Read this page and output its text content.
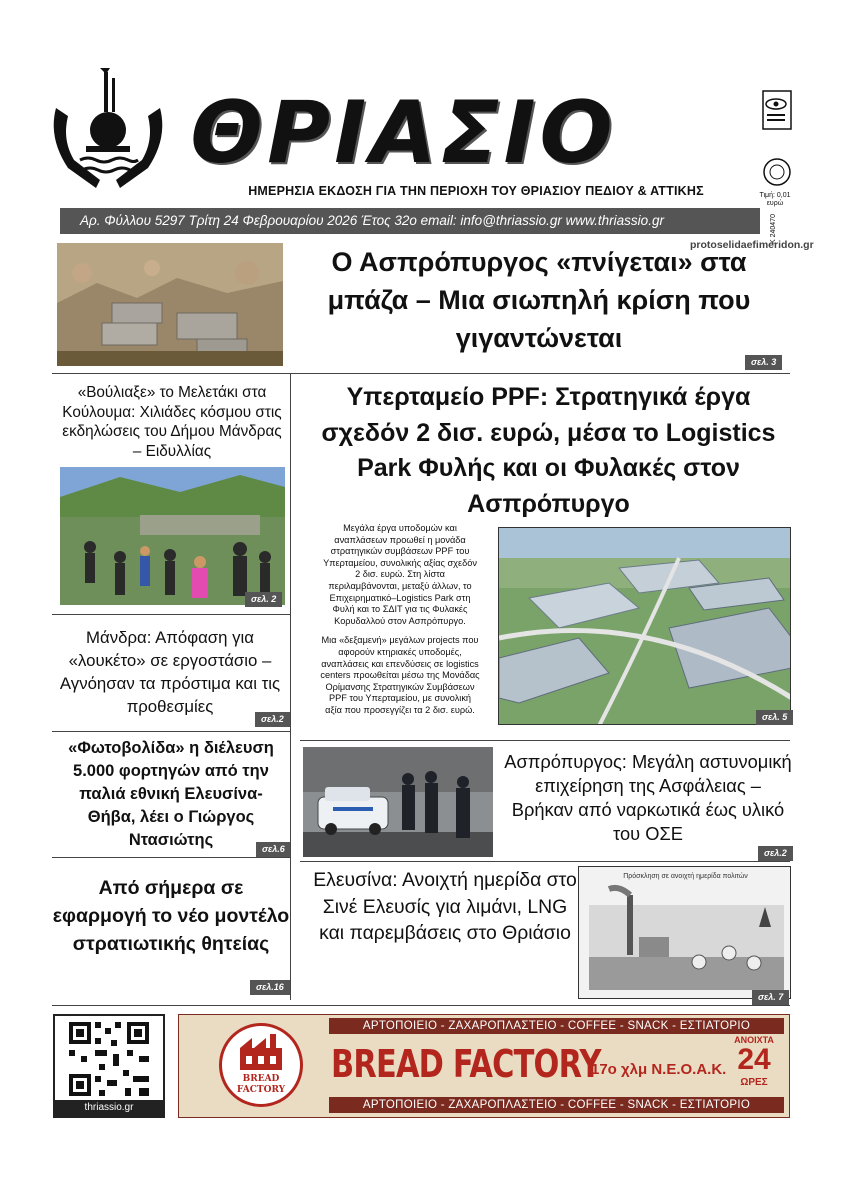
ΘΡΙΑΣΙΟ

Τιμή: 0,01 ευρώ
Κ 240470
ΗΜΕΡΗΣΙΑ ΕΚΔΟΣΗ ΓΙΑ ΤΗΝ ΠΕΡΙΟΧΗ ΤΟΥ ΘΡΙΑΣΙΟΥ ΠΕΔΙΟΥ & ΑΤΤΙΚΗΣ
Αρ. Φύλλου 5297 Τρίτη 24 Φεβρουαρίου 2026 Έτος 32ο email: info@thriassio.gr www.thriassio.gr
protoselidaefimeridon.gr
Ο Ασπρόπυργος «πνίγεται» στα μπάζα – Μια σιωπηλή κρίση που γιγαντώνεται
σελ. 3
«Βούλιαξε» το Μελετάκι στα Κούλουμα: Χιλιάδες κόσμου στις εκδηλώσεις του Δήμου Μάνδρας – Ειδυλλίας
σελ. 2
Μάνδρα: Απόφαση για «λουκέτο» σε εργοστάσιο – Αγνόησαν τα πρόστιμα και τις προθεσμίες
σελ.2
«Φωτοβολίδα» η διέλευση 5.000 φορτηγών από την παλιά εθνική Ελευσίνα-Θήβα, λέει ο Γιώργος Ντασιώτης	σελ.6
Από σήμερα σε εφαρμογή το νέο μοντέλο στρατιωτικής θητείας
σελ.16
Υπερταμείο PPF: Στρατηγικά έργα σχεδόν 2 δισ. ευρώ, μέσα το Logistics Park Φυλής και οι Φυλακές στον Ασπρόπυργο

Μεγάλα έργα υποδομών και αναπλάσεων προωθεί η μονάδα στρατηγικών συμβάσεων PPF του Υπερταμείου, συνολικής αξίας σχεδόν 2 δισ. ευρώ. Στη λίστα περιλαμβάνονται, μεταξύ άλλων, το Επιχειρηματικό–Logistics Park στη Φυλή και το ΣΔΙΤ για τις Φυλακές Κορυδαλλού στον Ασπρόπυργο.

Μια «δεξαμενή» μεγάλων projects που αφορούν κτηριακές υποδομές, αναπλάσεις και επενδύσεις σε logistics centers προωθείται μέσω της Μονάδας Ορίμανσης Στρατηγικών Συμβάσεων PPF του Υπερταμείου, με συνολική αξία που προσεγγίζει τα 2 δισ. ευρώ.

σελ. 5
Ασπρόπυργος: Μεγάλη αστυνομική επιχείρηση της Ασφάλειας – Βρήκαν από ναρκωτικά έως υλικό του ΟΣΕ
σελ.2
Ελευσίνα: Ανοιχτή ημερίδα στο Σινέ Ελευσίς για λιμάνι, LNG και παρεμβάσεις στο Θριάσιο
Πρόσκληση σε ανοιχτή ημερίδα πολιτών
σελ. 7
thriassio.gr
ΑΡΤΟΠΟΙΕΙΟ - ΖΑΧΑΡΟΠΛΑΣΤΕΙΟ - COFFEE - SNACK - ΕΣΤΙΑΤΟΡΙΟ
BREAD
FACTORY
BREAD FACTORY
17ο χλμ Ν.Ε.Ο.Α.Κ.
ΑΝΟΙΧΤΑ
24
ΩΡΕΣ
ΑΡΤΟΠΟΙΕΙΟ - ΖΑΧΑΡΟΠΛΑΣΤΕΙΟ - COFFEE - SNACK - ΕΣΤΙΑΤΟΡΙΟ
